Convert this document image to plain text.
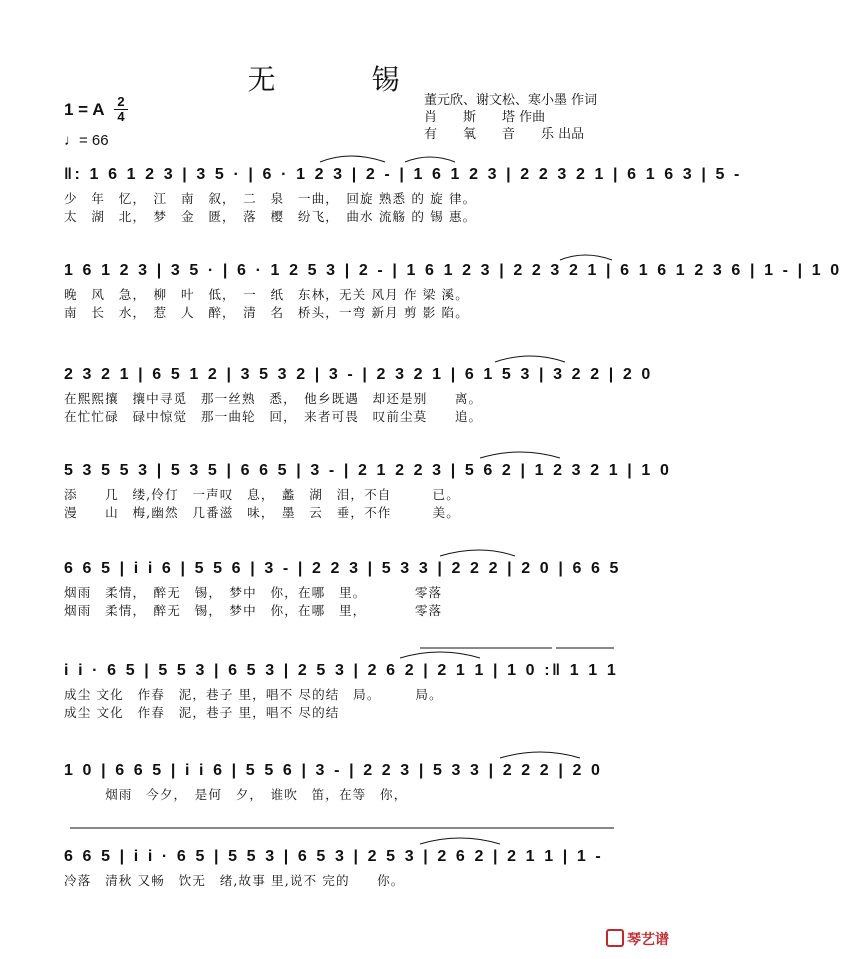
无　锡
1 = A 2
4
♩= 66
董元欣、谢文松、寒小墨 作词
肖　　斯　　塔 作曲
有　　氧　　音　　乐 出品
‖: 1 6 1 2 3 | 3 5 · | 6 · 1 2 3 | 2 - | 1 6 1 2 3 | 2 2 3 2 1 | 6 1 6 3 | 5 -
少　年　忆，　江　南　叙，　二　泉　一曲，　回旋 熟悉 的 旋 律。
太　湖　北，　梦　金　匮，　落　樱　纷飞，　曲水 流觞 的 锡 惠。
1 6 1 2 3 | 3 5 · | 6 · 1 2 5 3 | 2 - | 1 6 1 2 3 | 2 2 3 2 1 | 6 1 6 1 2 3 6 | 1 - | 1 0
晚　风　急，　柳　叶　低，　一　纸　东林，无关 风月 作 梁 溪。
南　长　水，　惹　人　醉，　清　名　桥头，一弯 新月 剪 影 陷。
2 3 2 1 | 6 5 1 2 | 3 5 3 2 | 3 - | 2 3 2 1 | 6 1 5 3 | 3 2 2 | 2 0
在熙熙攘　攘中寻觅　那一丝熟　悉，　他乡既遇　却还是别　　离。
在忙忙碌　碌中惊觉　那一曲轮　回，　来者可畏　叹前尘莫　　追。
5 3 5 5 3 | 5 3 5 | 6 6 5 | 3 - | 2 1 2 2 3 | 5 6 2 | 1 2 3 2 1 | 1 0
添　　几　缕,伶仃　一声叹　息，　蠡　湖　泪，不自　　　已。
漫　　山　梅,幽然　几番滋　味，　墨　云　垂，不作　　　美。
6 6 5 | i i 6 | 5 5 6 | 3 - | 2 2 3 | 5 3 3 | 2 2 2 | 2 0 | 6 6 5
烟雨　柔情，　醉无　锡，　梦中　你，在哪　里。　　　　零落
烟雨　柔情，　醉无　锡，　梦中　你，在哪　里，　　　　零落
i i · 6 5 | 5 5 3 | 6 5 3 | 2 5 3 | 2 6 2 | 2 1 1 | 1 0 :‖ 1 1 1
成尘 文化　作春　泥，巷子 里，唱不 尽的结　局。　　　局。
成尘 文化　作春　泥，巷子 里，唱不 尽的结
1 0 | 6 6 5 | i i 6 | 5 5 6 | 3 - | 2 2 3 | 5 3 3 | 2 2 2 | 2 0
　　　烟雨　今夕，　是何　夕，　谁吹　笛，在等　你，
6 6 5 | i i · 6 5 | 5 5 3 | 6 5 3 | 2 5 3 | 2 6 2 | 2 1 1 | 1 -
冷落　清秋 又畅　饮无　绪,故事 里,说不 完的　　你。
琴艺谱
